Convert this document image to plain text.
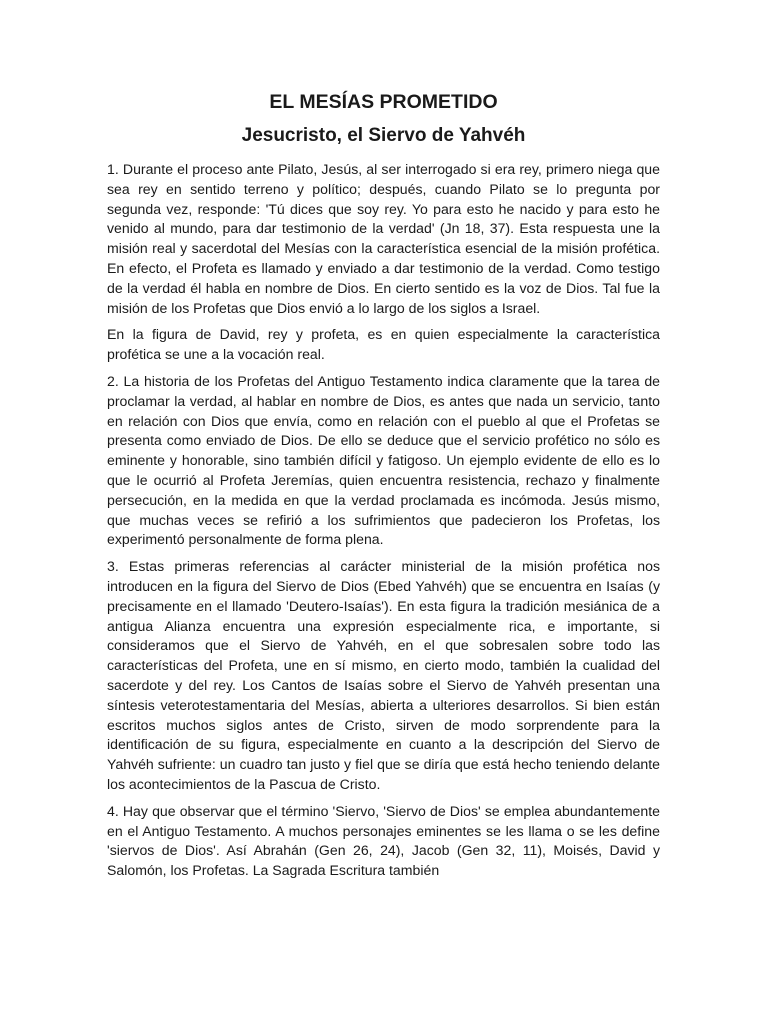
EL MESÍAS PROMETIDO
Jesucristo, el Siervo de Yahvéh

1. Durante el proceso ante Pilato, Jesús, al ser interrogado si era rey, primero niega que sea rey en sentido terreno y político; después, cuando Pilato se lo pregunta por segunda vez, responde: 'Tú dices que soy rey. Yo para esto he nacido y para esto he venido al mundo, para dar testimonio de la verdad' (Jn 18, 37). Esta respuesta une la misión real y sacerdotal del Mesías con la característica esencial de la misión profética. En efecto, el Profeta es llamado y enviado a dar testimonio de la verdad. Como testigo de la verdad él habla en nombre de Dios. En cierto sentido es la voz de Dios. Tal fue la misión de los Profetas que Dios envió a lo largo de los siglos a Israel.

En la figura de David, rey y profeta, es en quien especialmente la característica profética se une a la vocación real.

2. La historia de los Profetas del Antiguo Testamento indica claramente que la tarea de proclamar la verdad, al hablar en nombre de Dios, es antes que nada un servicio, tanto en relación con Dios que envía, como en relación con el pueblo al que el Profetas se presenta como enviado de Dios. De ello se deduce que el servicio profético no sólo es eminente y honorable, sino también difícil y fatigoso. Un ejemplo evidente de ello es lo que le ocurrió al Profeta Jeremías, quien encuentra resistencia, rechazo y finalmente persecución, en la medida en que la verdad proclamada es incómoda. Jesús mismo, que muchas veces se refirió a los sufrimientos que padecieron los Profetas, los experimentó personalmente de forma plena.

3. Estas primeras referencias al carácter ministerial de la misión profética nos introducen en la figura del Siervo de Dios (Ebed Yahvéh) que se encuentra en Isaías (y precisamente en el llamado 'Deutero-Isaías'). En esta figura la tradición mesiánica de a antigua Alianza encuentra una expresión especialmente rica, e importante, si consideramos que el Siervo de Yahvéh, en el que sobresalen sobre todo las características del Profeta, une en sí mismo, en cierto modo, también la cualidad del sacerdote y del rey. Los Cantos de Isaías sobre el Siervo de Yahvéh presentan una síntesis veterotestamentaria del Mesías, abierta a ulteriores desarrollos. Si bien están escritos muchos siglos antes de Cristo, sirven de modo sorprendente para la identificación de su figura, especialmente en cuanto a la descripción del Siervo de Yahvéh sufriente: un cuadro tan justo y fiel que se diría que está hecho teniendo delante los acontecimientos de la Pascua de Cristo.

4. Hay que observar que el término 'Siervo, 'Siervo de Dios' se emplea abundantemente en el Antiguo Testamento. A muchos personajes eminentes se les llama o se les define 'siervos de Dios'. Así Abrahán (Gen 26, 24), Jacob (Gen 32, 11), Moisés, David y Salomón, los Profetas. La Sagrada Escritura también
